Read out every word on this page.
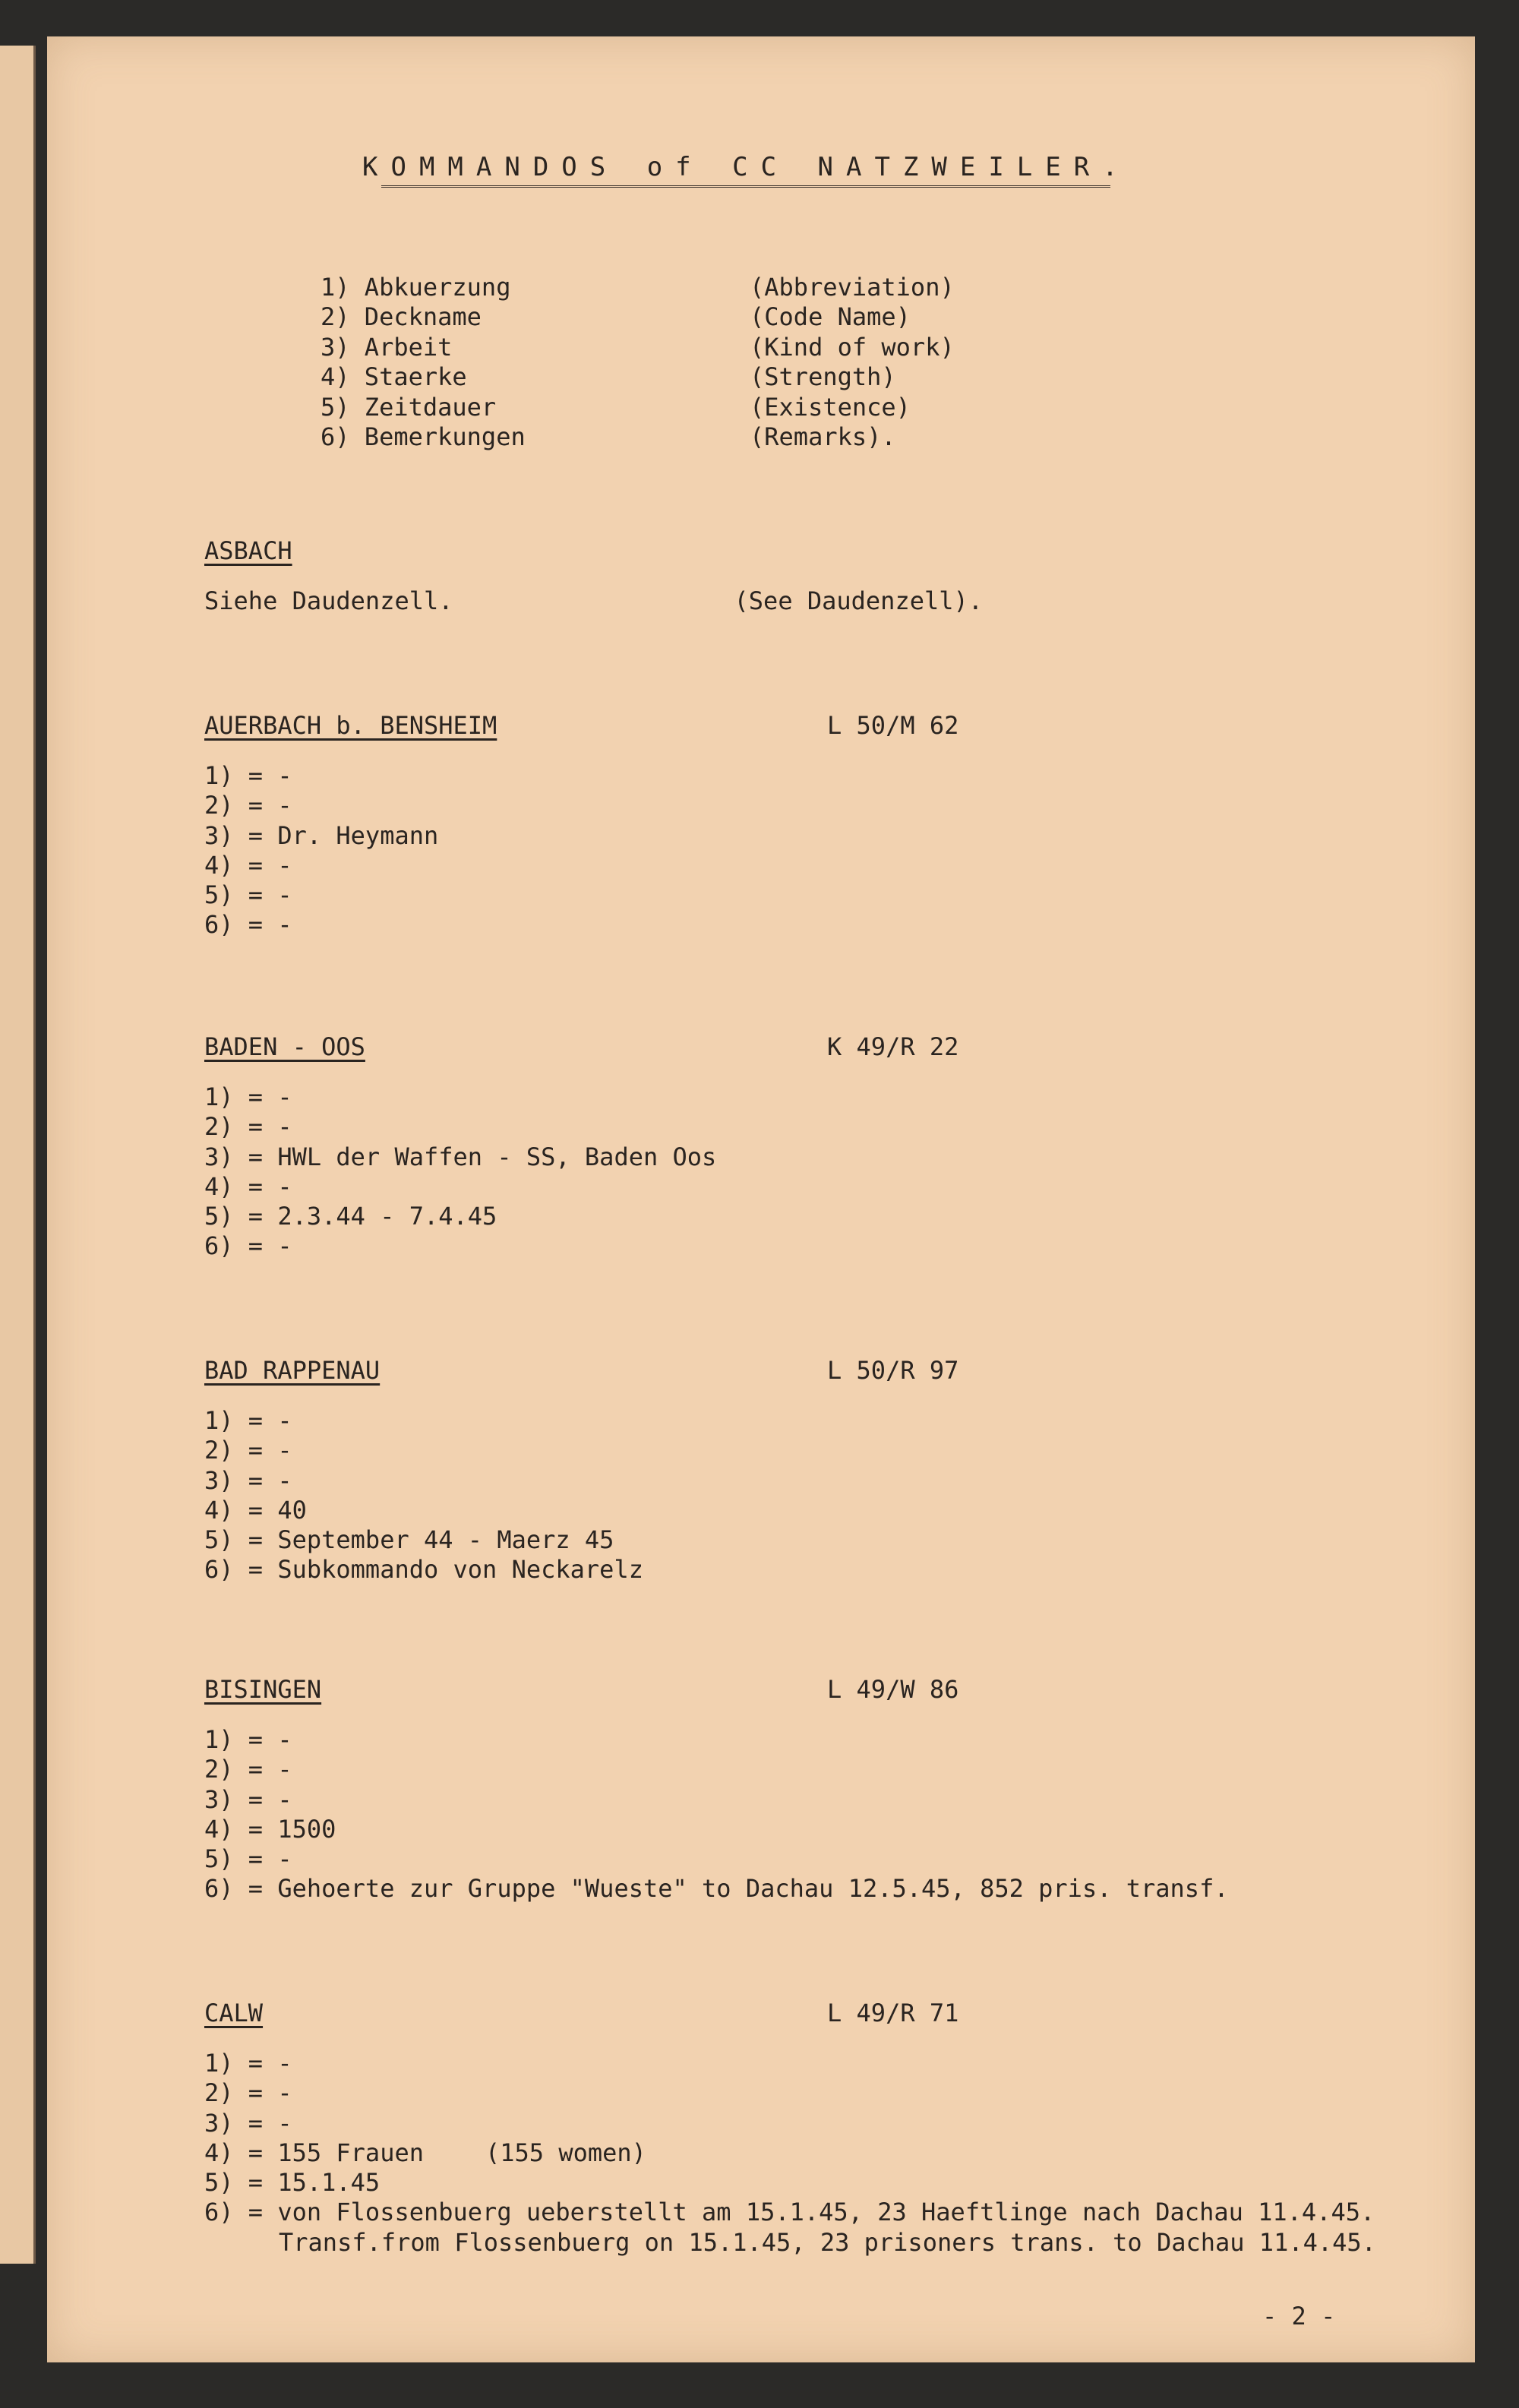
KOMMANDOS of CC NATZWEILER.
1) Abkuerzung	(Abbreviation)
2) Deckname	(Code Name)
3) Arbeit	(Kind of work)
4) Staerke	(Strength)
5) Zeitdauer	(Existence)
6) Bemerkungen	(Remarks).
ASBACH
Siehe Daudenzell.	(See Daudenzell).
AUERBACH b. BENSHEIM	L 50/M 62
1) = -
2) = -
3) = Dr. Heymann
4) = -
5) = -
6) = -
BADEN - OOS	K 49/R 22
1) = -
2) = -
3) = HWL der Waffen - SS, Baden Oos
4) = -
5) = 2.3.44 - 7.4.45
6) = -
BAD RAPPENAU	L 50/R 97
1) = -
2) = -
3) = -
4) = 40
5) = September 44 - Maerz 45
6) = Subkommando von Neckarelz
BISINGEN	L 49/W 86
1) = -
2) = -
3) = -
4) = 1500
5) = -
6) = Gehoerte zur Gruppe "Wueste" to Dachau 12.5.45, 852 pris. transf.
CALW	L 49/R 71
1) = -
2) = -
3) = -
4) = 155 Frauen	(155 women)
5) = 15.1.45
6) = von Flossenbuerg ueberstellt am 15.1.45, 23 Haeftlinge nach Dachau 11.4.45.
Transf.from Flossenbuerg on 15.1.45, 23 prisoners trans. to Dachau 11.4.45.
- 2 -
